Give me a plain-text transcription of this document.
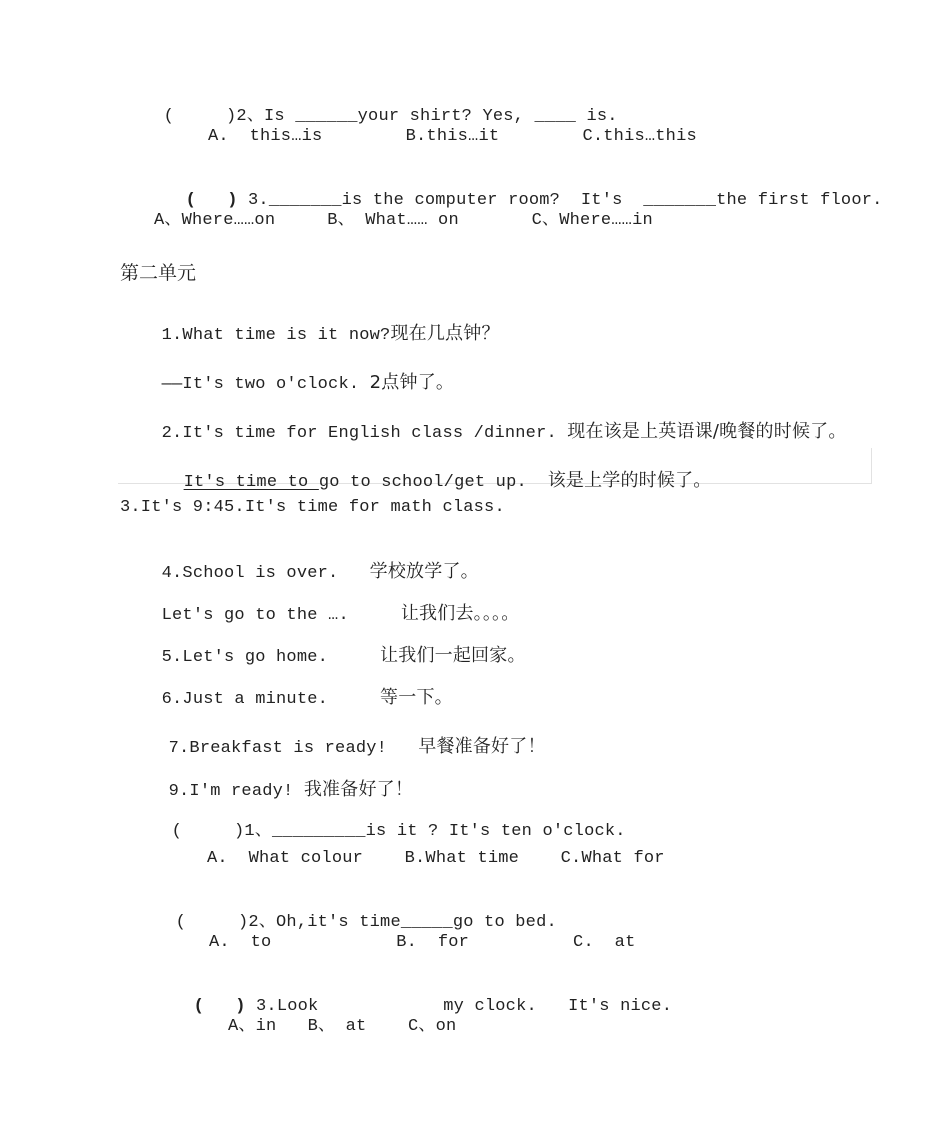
(     )2、Is ______your shirt? Yes, ____ is.

A.  this…is        B.this…it        C.this…this

(   ) 3._______is the computer room?  It's  _______the first floor.

A、Where……on     B、 What…… on       C、Where……in
第二单元

1.What time is it now?现在几点钟？

——It's two o'clock. 2点钟了。

2.It's time for English class /dinner. 现在该是上英语课/晚餐的时候了。

It's time to go to school/get up.  该是上学的时候了。

3.It's 9:45.It's time for math class.

4.School is over.   学校放学了。

Let's go to the ….     让我们去。。。。

5.Let's go home.     让我们一起回家。

6.Just a minute.     等一下。

7.Breakfast is ready!   早餐准备好了！

9.I'm ready! 我准备好了！

(     )1、_________is it ? It's ten o'clock.

A.  What colour    B.What time    C.What for

(     )2、Oh,it's time_____go to bed.

A.  to            B.  for          C.  at

(   ) 3.Look            my clock.   It's nice.

A、in   B、 at    C、on
